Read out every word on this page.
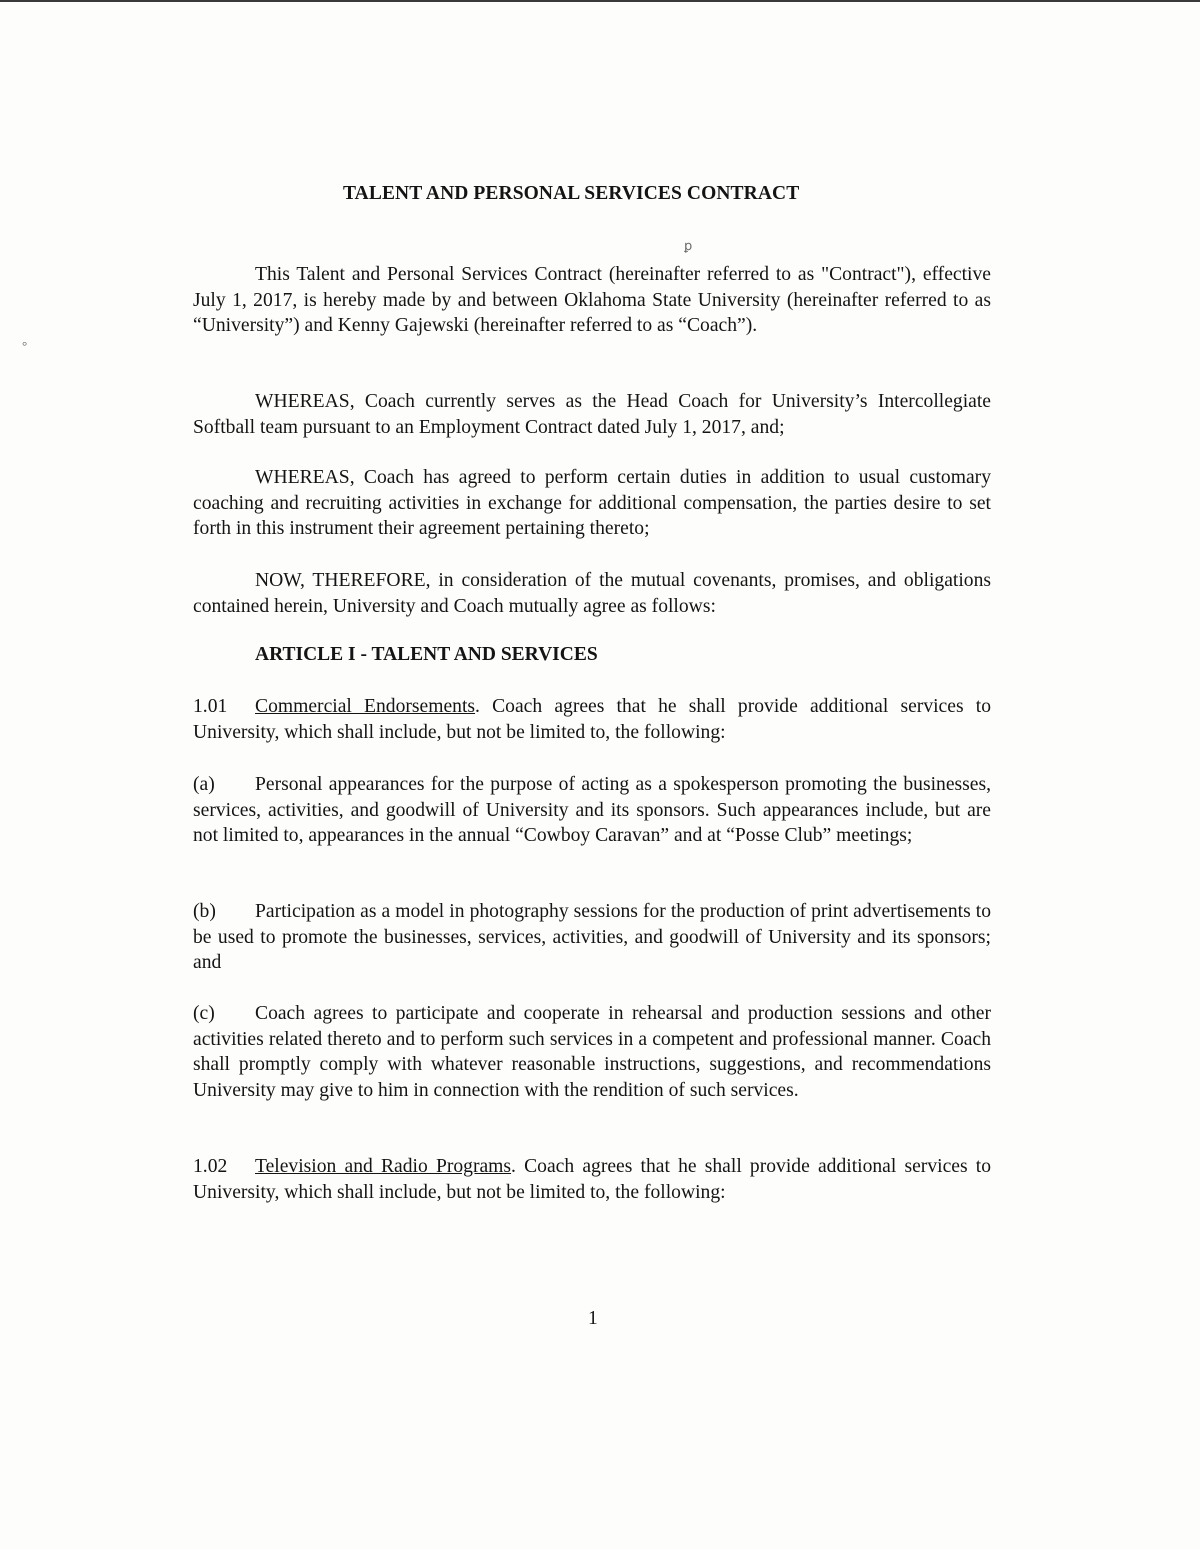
ꝑ
°
TALENT AND PERSONAL SERVICES CONTRACT

This Talent and Personal Services Contract (hereinafter referred to as "Contract"), effective July 1, 2017, is hereby made by and between Oklahoma State University (hereinafter referred to as “University”) and Kenny Gajewski (hereinafter referred to as “Coach”).

WHEREAS, Coach currently serves as the Head Coach for University’s Intercollegiate Softball team pursuant to an Employment Contract dated July 1, 2017, and;

WHEREAS, Coach has agreed to perform certain duties in addition to usual customary coaching and recruiting activities in exchange for additional compensation, the parties desire to set forth in this instrument their agreement pertaining thereto;

NOW, THEREFORE, in consideration of the mutual covenants, promises, and obligations contained herein, University and Coach mutually agree as follows:

ARTICLE I - TALENT AND SERVICES

1.01 Commercial Endorsements. Coach agrees that he shall provide additional services to University, which shall include, but not be limited to, the following:

(a) Personal appearances for the purpose of acting as a spokesperson promoting the businesses, services, activities, and goodwill of University and its sponsors. Such appearances include, but are not limited to, appearances in the annual “Cowboy Caravan” and at “Posse Club” meetings;

(b) Participation as a model in photography sessions for the production of print advertisements to be used to promote the businesses, services, activities, and goodwill of University and its sponsors; and

(c) Coach agrees to participate and cooperate in rehearsal and production sessions and other activities related thereto and to perform such services in a competent and professional manner. Coach shall promptly comply with whatever reasonable instructions, suggestions, and recommendations University may give to him in connection with the rendition of such services.

1.02 Television and Radio Programs. Coach agrees that he shall provide additional services to University, which shall include, but not be limited to, the following:

1
